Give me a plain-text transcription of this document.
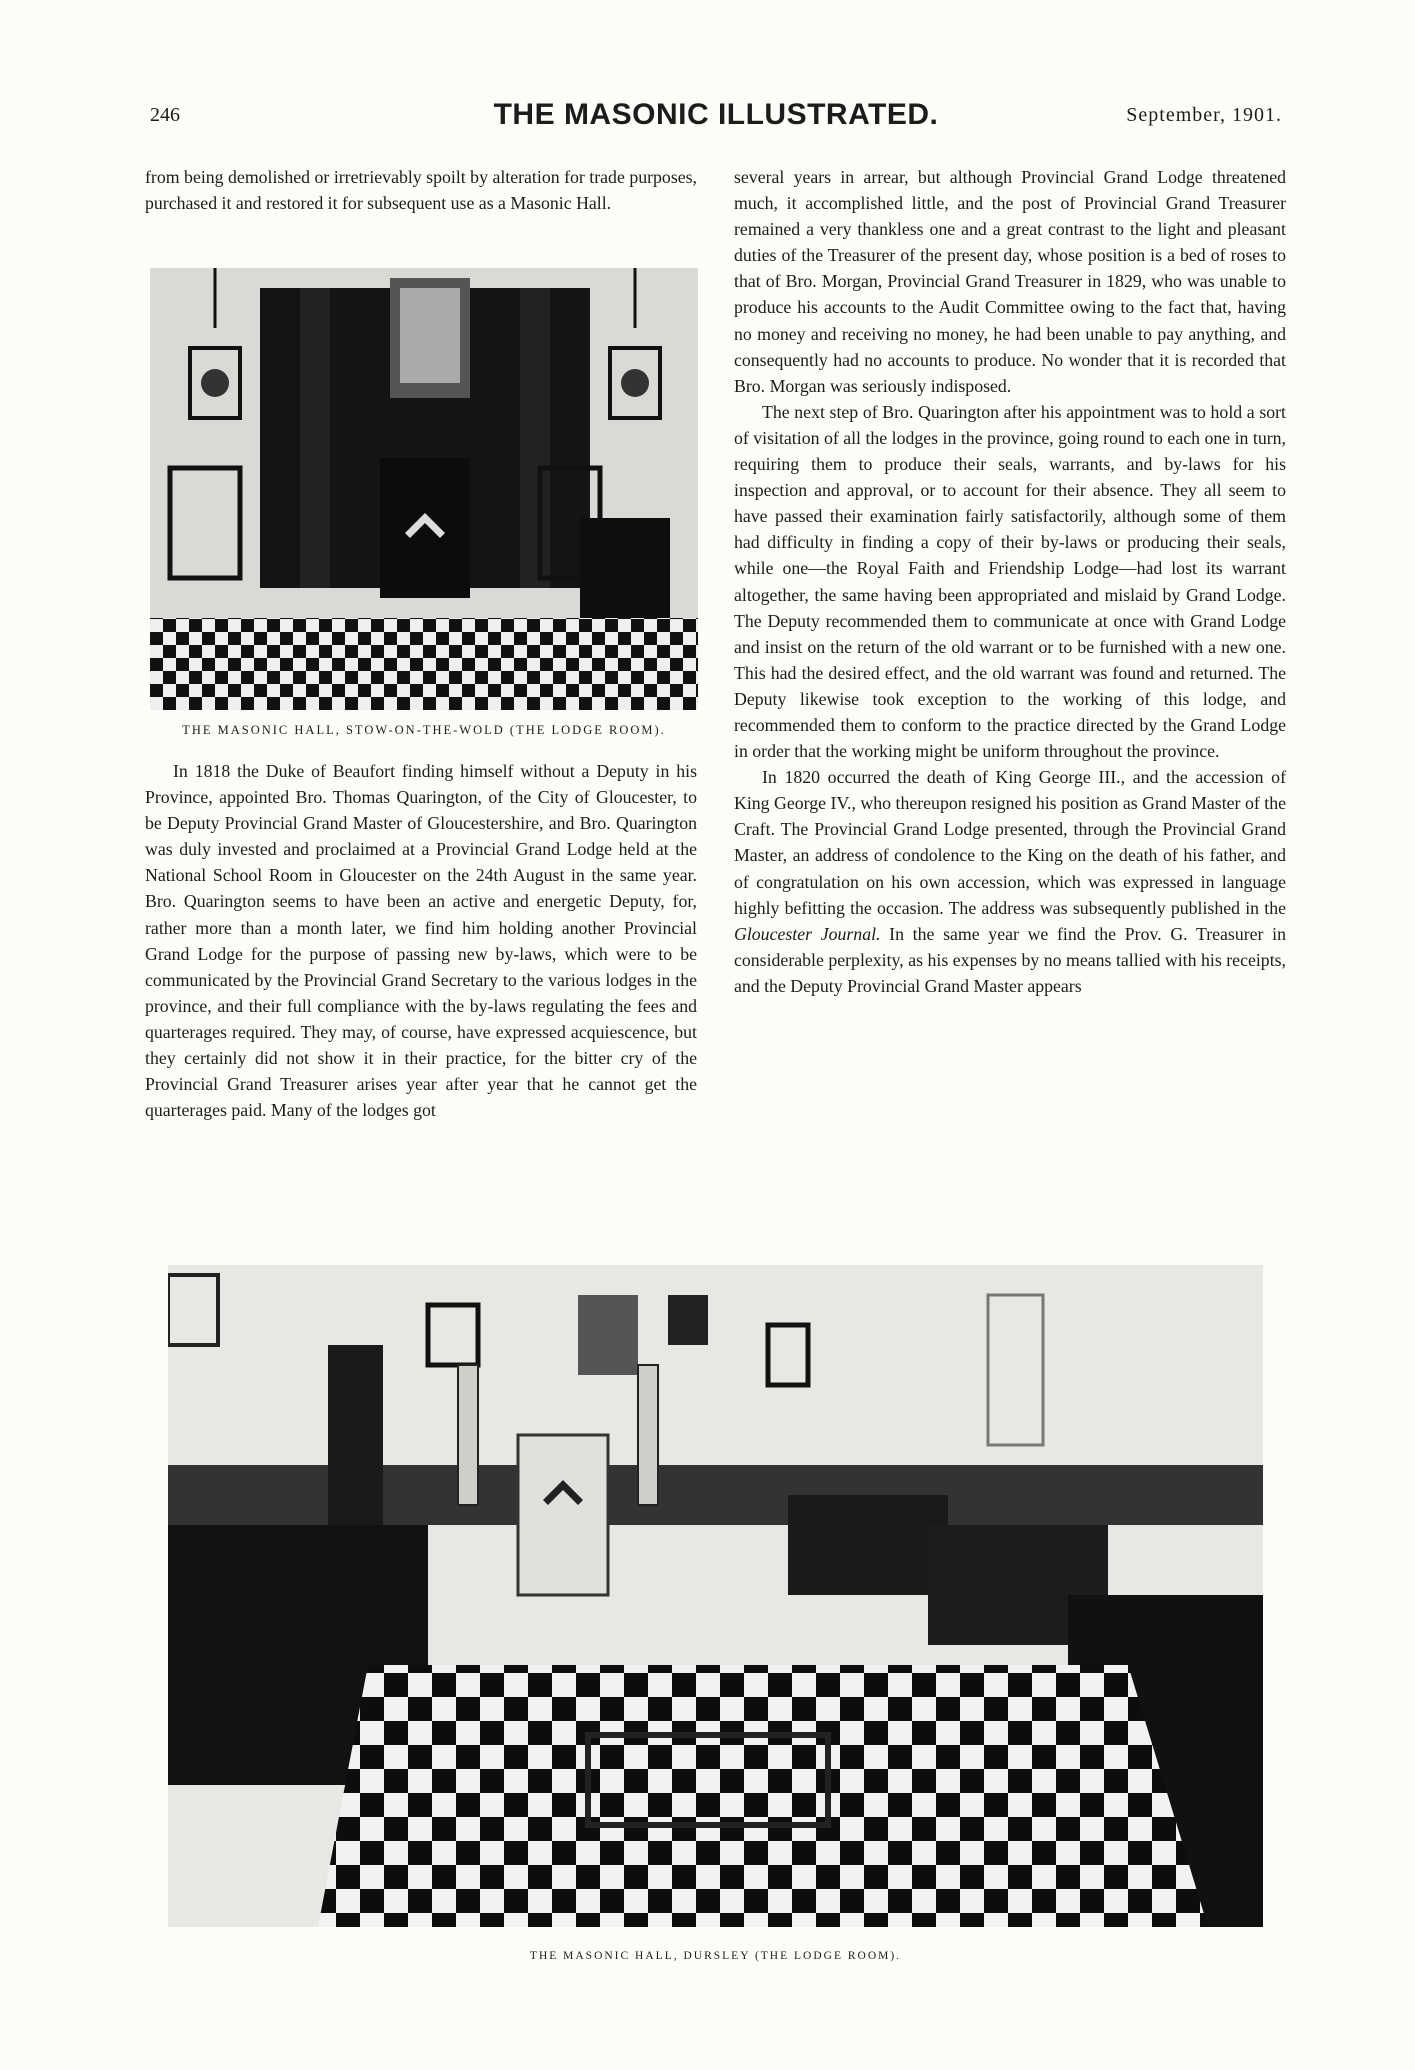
246	THE MASONIC ILLUSTRATED.	September, 1901.

from being demolished or irretrievably spoilt by alteration for trade purposes, purchased it and restored it for subsequent use as a Masonic Hall.

THE MASONIC HALL, STOW-ON-THE-WOLD (THE LODGE ROOM).

In 1818 the Duke of Beaufort finding himself without a Deputy in his Province, appointed Bro. Thomas Quarington, of the City of Gloucester, to be Deputy Provincial Grand Master of Gloucestershire, and Bro. Quarington was duly invested and proclaimed at a Provincial Grand Lodge held at the National School Room in Gloucester on the 24th August in the same year. Bro. Quarington seems to have been an active and energetic Deputy, for, rather more than a month later, we find him holding another Provincial Grand Lodge for the purpose of passing new by-laws, which were to be communicated by the Provincial Grand Secretary to the various lodges in the province, and their full compliance with the by-laws regulating the fees and quarterages required. They may, of course, have expressed acquiescence, but they certainly did not show it in their practice, for the bitter cry of the Provincial Grand Treasurer arises year after year that he cannot get the quarterages paid. Many of the lodges got

several years in arrear, but although Provincial Grand Lodge threatened much, it accomplished little, and the post of Provincial Grand Treasurer remained a very thankless one and a great contrast to the light and pleasant duties of the Treasurer of the present day, whose position is a bed of roses to that of Bro. Morgan, Provincial Grand Treasurer in 1829, who was unable to produce his accounts to the Audit Committee owing to the fact that, having no money and receiving no money, he had been unable to pay anything, and consequently had no accounts to produce. No wonder that it is recorded that Bro. Morgan was seriously indisposed.

The next step of Bro. Quarington after his appointment was to hold a sort of visitation of all the lodges in the province, going round to each one in turn, requiring them to produce their seals, warrants, and by-laws for his inspection and approval, or to account for their absence. They all seem to have passed their examination fairly satisfactorily, although some of them had difficulty in finding a copy of their by-laws or producing their seals, while one—the Royal Faith and Friendship Lodge—had lost its warrant altogether, the same having been appropriated and mislaid by Grand Lodge. The Deputy recommended them to communicate at once with Grand Lodge and insist on the return of the old warrant or to be furnished with a new one. This had the desired effect, and the old warrant was found and returned. The Deputy likewise took exception to the working of this lodge, and recommended them to conform to the practice directed by the Grand Lodge in order that the working might be uniform throughout the province.

In 1820 occurred the death of King George III., and the accession of King George IV., who thereupon resigned his position as Grand Master of the Craft. The Provincial Grand Lodge presented, through the Provincial Grand Master, an address of condolence to the King on the death of his father, and of congratulation on his own accession, which was expressed in language highly befitting the occasion. The address was subsequently published in the Gloucester Journal. In the same year we find the Prov. G. Treasurer in considerable perplexity, as his expenses by no means tallied with his receipts, and the Deputy Provincial Grand Master appears

THE MASONIC HALL, DURSLEY (THE LODGE ROOM).
